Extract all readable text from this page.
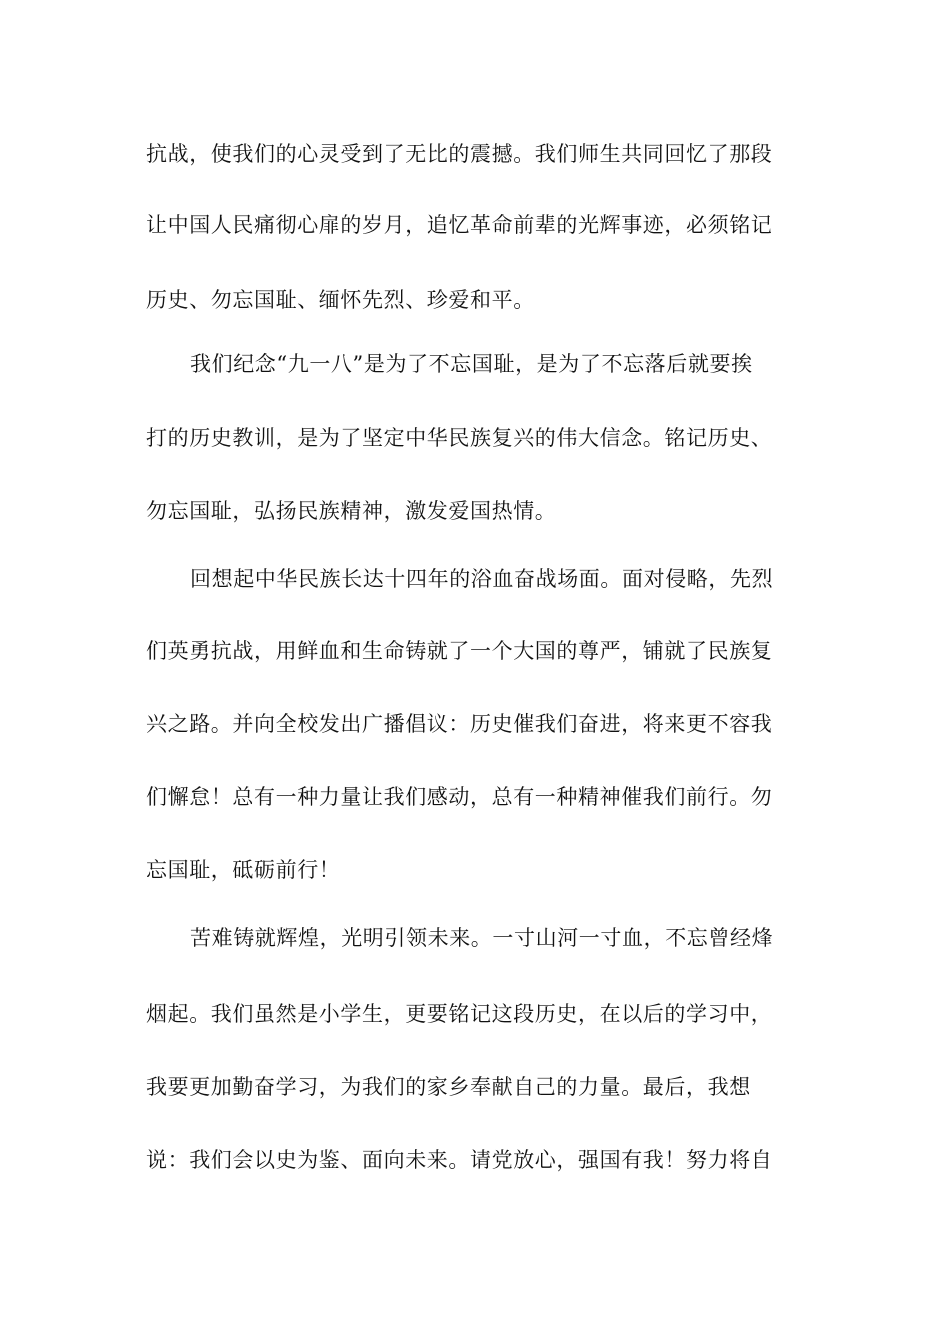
抗战，使我们的心灵受到了无比的震撼。我们师生共同回忆了那段
让中国人民痛彻心扉的岁月，追忆革命前辈的光辉事迹，必须铭记
历史、勿忘国耻、缅怀先烈、珍爱和平。
我们纪念“九一八”是为了不忘国耻，是为了不忘落后就要挨
打的历史教训，是为了坚定中华民族复兴的伟大信念。铭记历史、
勿忘国耻，弘扬民族精神，激发爱国热情。
回想起中华民族长达十四年的浴血奋战场面。面对侵略，先烈
们英勇抗战，用鲜血和生命铸就了一个大国的尊严，铺就了民族复
兴之路。并向全校发出广播倡议：历史催我们奋进，将来更不容我
们懈怠！总有一种力量让我们感动，总有一种精神催我们前行。勿
忘国耻，砥砺前行！
苦难铸就辉煌，光明引领未来。一寸山河一寸血，不忘曾经烽
烟起。我们虽然是小学生，更要铭记这段历史，在以后的学习中，
我要更加勤奋学习，为我们的家乡奉献自己的力量。最后，我想
说：我们会以史为鉴、面向未来。请党放心，强国有我！努力将自
